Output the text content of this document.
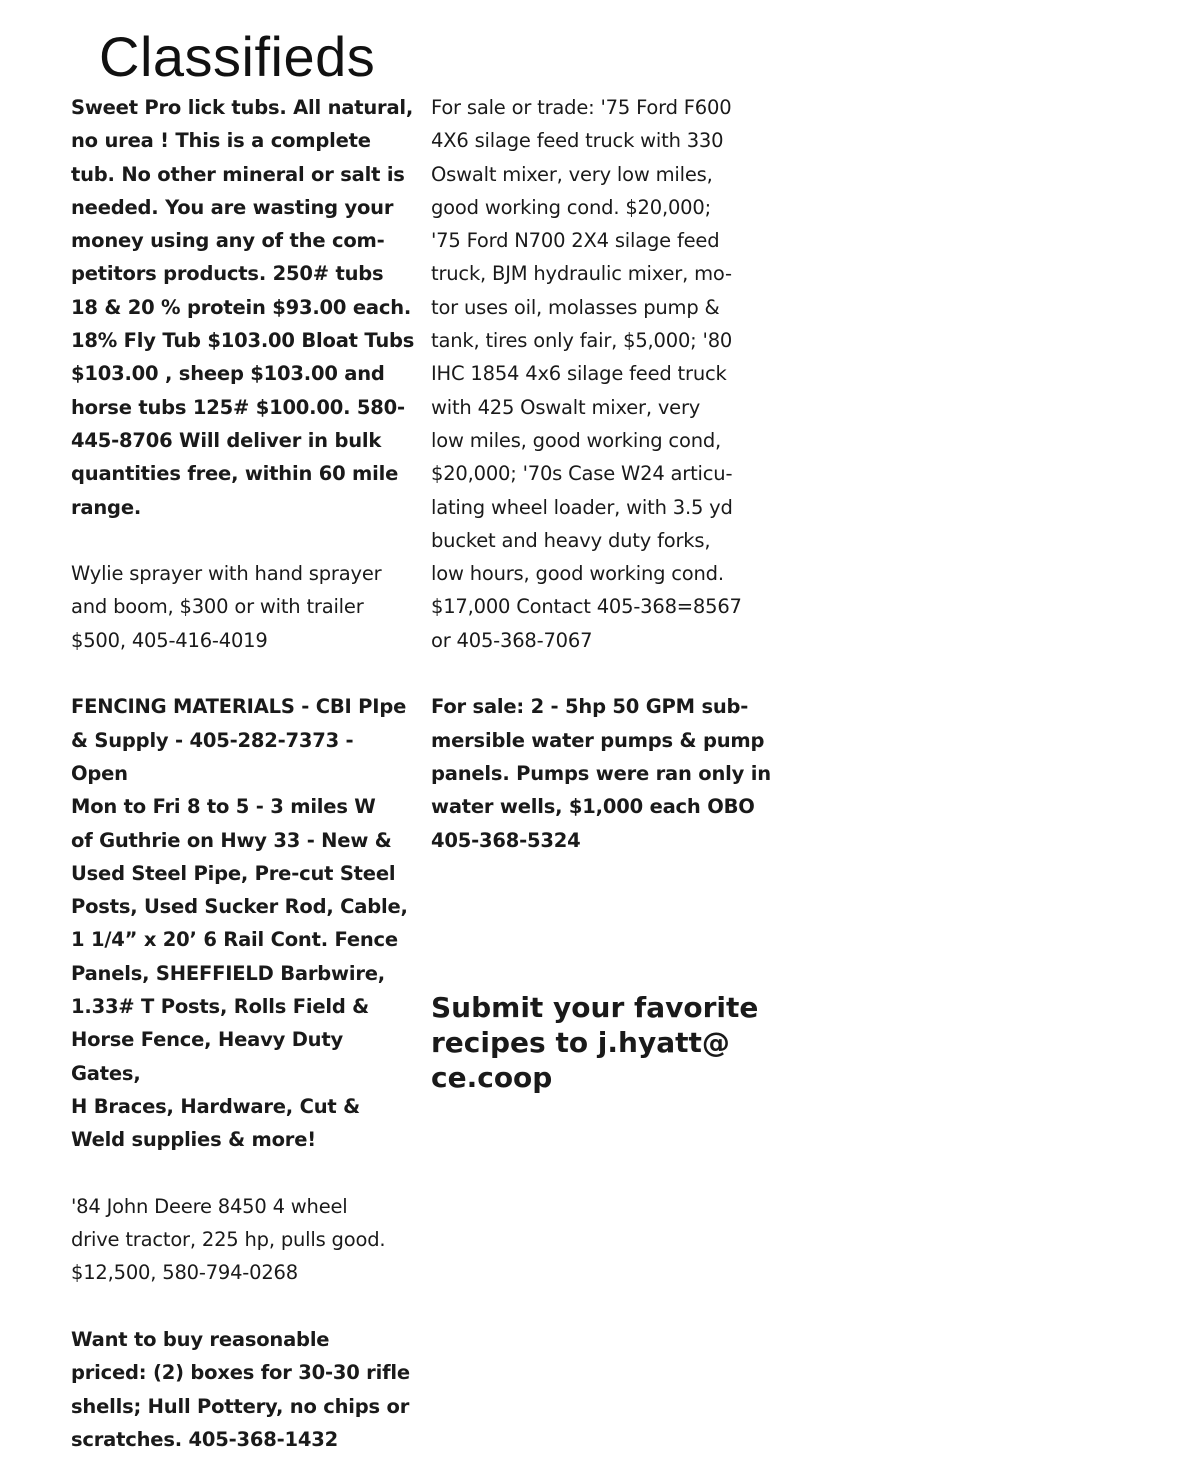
Classifieds

Sweet Pro lick tubs. All natural,
no urea ! This is a complete
tub. No other mineral or salt is
needed. You are wasting your
money using any of the com-
petitors products. 250# tubs
18 & 20 % protein $93.00 each.
18% Fly Tub $103.00 Bloat Tubs
$103.00 , sheep $103.00 and
horse tubs 125# $100.00. 580-
445-8706 Will deliver in bulk
quantities free, within 60 mile
range.

Wylie sprayer with hand sprayer
and boom, $300 or with trailer
$500, 405-416-4019

FENCING MATERIALS - CBI PIpe
& Supply - 405-282-7373 - Open
Mon to Fri 8 to 5 - 3 miles W
of Guthrie on Hwy 33 - New &
Used Steel Pipe, Pre-cut Steel
Posts, Used Sucker Rod, Cable,
1 1/4” x 20’ 6 Rail Cont. Fence
Panels, SHEFFIELD Barbwire,
1.33# T Posts, Rolls Field &
Horse Fence, Heavy Duty Gates,
H Braces, Hardware, Cut &
Weld supplies & more!

'84 John Deere 8450 4 wheel
drive tractor, 225 hp, pulls good.
$12,500, 580-794-0268

Want to buy reasonable
priced: (2) boxes for 30-30 rifle
shells; Hull Pottery, no chips or
scratches. 405-368-1432

For sale or trade: '75 Ford F600
4X6 silage feed truck with 330
Oswalt mixer, very low miles,
good working cond. $20,000;
'75 Ford N700 2X4 silage feed
truck, BJM hydraulic mixer, mo-
tor uses oil, molasses pump &
tank, tires only fair, $5,000; '80
IHC 1854 4x6 silage feed truck
with 425 Oswalt mixer, very
low miles, good working cond,
$20,000; '70s Case W24 articu-
lating wheel loader, with 3.5 yd
bucket and heavy duty forks,
low hours, good working cond.
$17,000 Contact 405-368=8567
or 405-368-7067

For sale: 2 - 5hp 50 GPM sub-
mersible water pumps & pump
panels. Pumps were ran only in
water wells, $1,000 each OBO
405-368-5324

Submit your favorite
recipes to j.hyatt@
ce.coop
